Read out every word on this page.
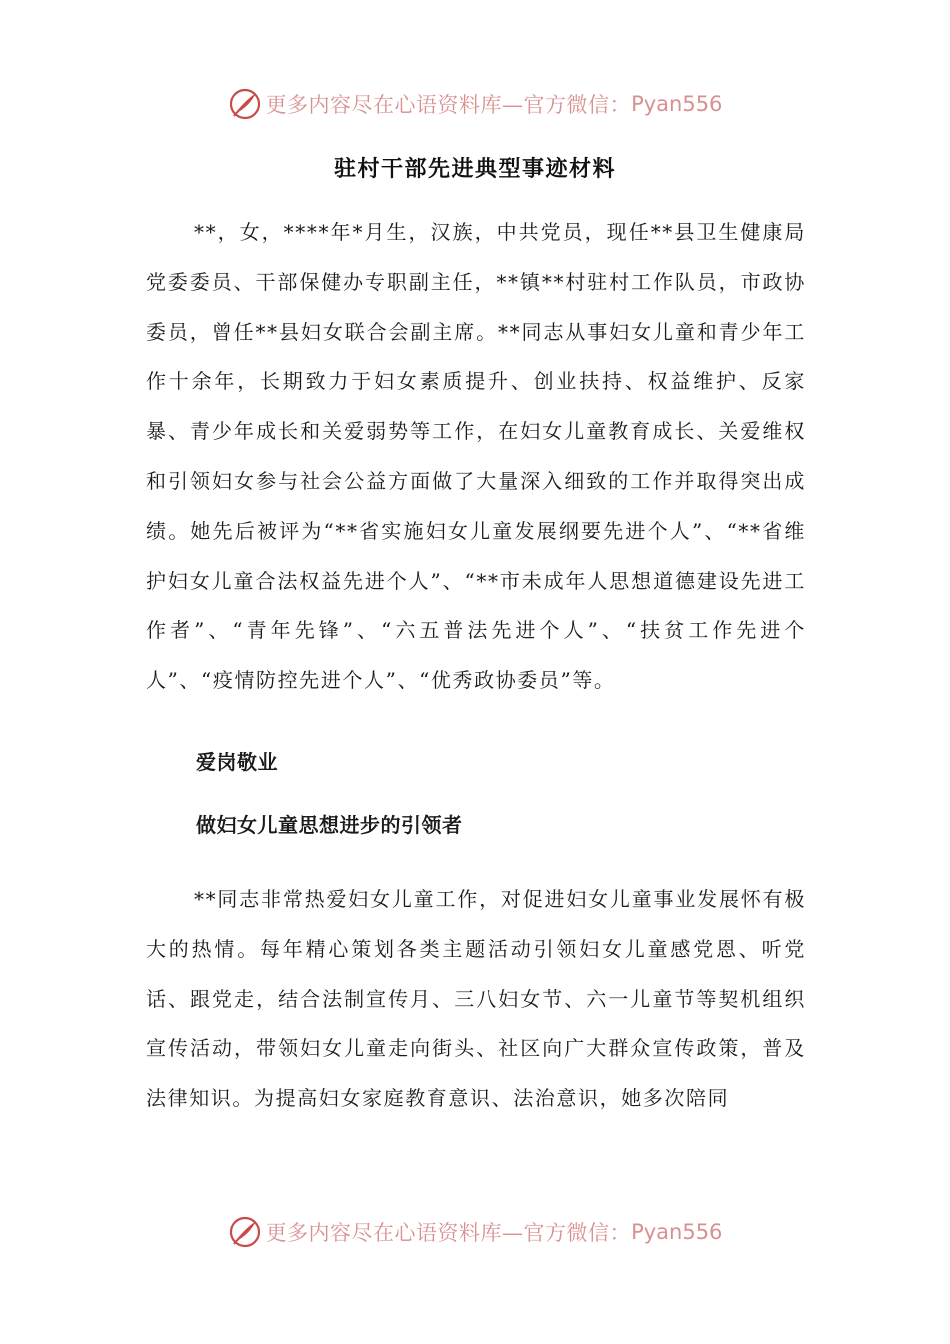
更多内容尽在心语资料库—官方微信： Pyan556
驻村干部先进典型事迹材料

**，女，****年*月生，汉族，中共党员，现任**县卫生健康局党委委员、干部保健办专职副主任，**镇**村驻村工作队员，市政协委员，曾任**县妇女联合会副主席。**同志从事妇女儿童和青少年工作十余年，长期致力于妇女素质提升、创业扶持、权益维护、反家暴、青少年成长和关爱弱势等工作，在妇女儿童教育成长、关爱维权和引领妇女参与社会公益方面做了大量深入细致的工作并取得突出成绩。她先后被评为“**省实施妇女儿童发展纲要先进个人”、“**省维护妇女儿童合法权益先进个人”、“**市未成年人思想道德建设先进工作者”、“青年先锋”、“六五普法先进个人”、“扶贫工作先进个人”、“疫情防控先进个人”、“优秀政协委员”等。

爱岗敬业

做妇女儿童思想进步的引领者

**同志非常热爱妇女儿童工作，对促进妇女儿童事业发展怀有极大的热情。每年精心策划各类主题活动引领妇女儿童感党恩、听党话、跟党走，结合法制宣传月、三八妇女节、六一儿童节等契机组织宣传活动，带领妇女儿童走向街头、社区向广大群众宣传政策，普及法律知识。为提高妇女家庭教育意识、法治意识，她多次陪同

更多内容尽在心语资料库—官方微信： Pyan556
